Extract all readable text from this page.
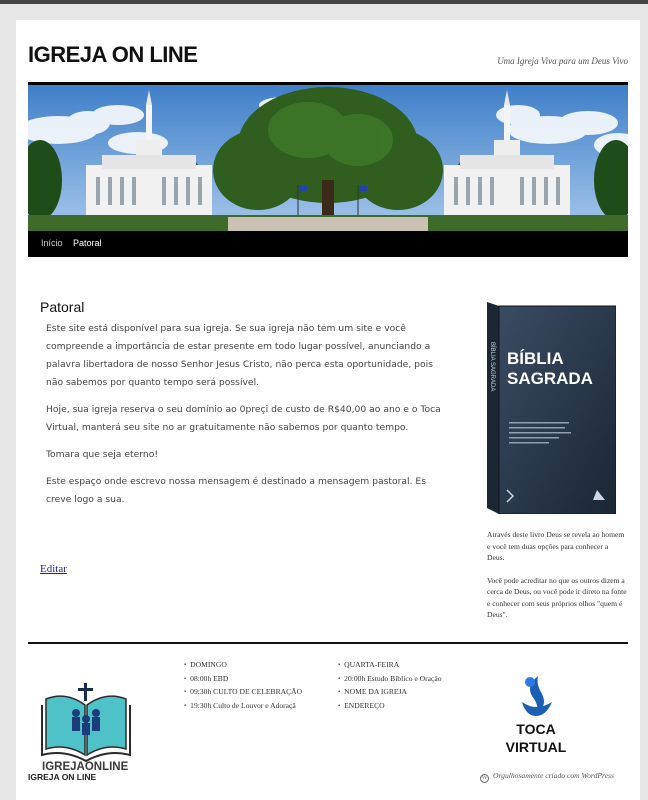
IGREJA ON LINE	Uma Igreja Viva para um Deus Vivo
Início Patoral
Patoral

Este site está disponível para sua igreja. Se sua igreja não tem um site e você compreende a importância de estar presente em todo lugar possível, anunciando a palavra libertadora de nosso Senhor Jesus Cristo, não perca esta oportunidade, pois não sabemos por quanto tempo será possível.

Hoje, sua igreja reserva o seu domínio ao 0preçi de custo de R$40,00 ao ano e o Toca Virtual, manterá seu site no ar gratuitamente não sabemos por quanto tempo.

Tomara que seja eterno!

Este espaço onde escrevo nossa mensagem é destinado a mensagem pastoral. Es creve logo a sua.

Editar
BÍBLIA
SAGRADA
BÍBLIA SAGRADA

Através deste livro Deus se revela ao homem e você tem duas opções para conhecer a Deus.

Você pode acreditar no que os outros dizem a cerca de Deus, ou você pode ir direto na fonte e conhecer com seus próprios olhos "quem é Deus".

IGREJAONLINE
▪ DOMINGO
▪ 08:00h EBD
▪ 09:30h CULTO DE CELEBRAÇÃO
▪ 19:30h Culto de Louvor e Adoraçã
▪ QUARTA-FEIRA
▪ 20:00h Estudo Bíblico e Oração
▪ NOME DA IGREJA
▪ ENDEREÇO
TOCA
VIRTUAL
IGREJA ON LINE	W Orgulhosamente criado com WordPress
